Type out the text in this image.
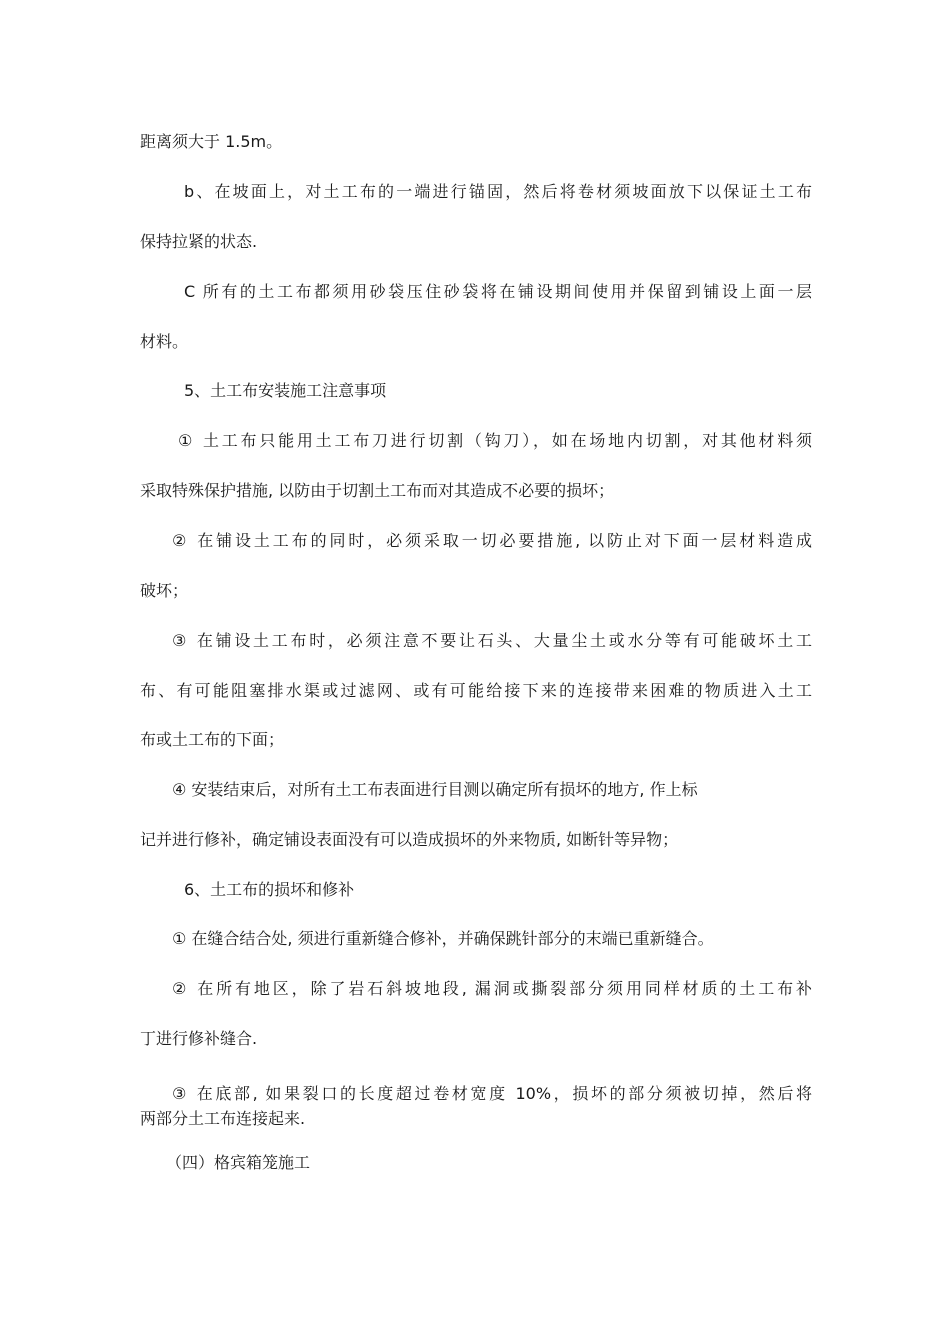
距离须大于 1.5m。
b、在坡面上，对土工布的一端进行锚固，然后将卷材须坡面放下以保证土工布
保持拉紧的状态.
C 所有的土工布都须用砂袋压住砂袋将在铺设期间使用并保留到铺设上面一层
材料。
5、土工布安装施工注意事项
① 土工布只能用土工布刀进行切割（钩刀），如在场地内切割，对其他材料须
采取特殊保护措施, 以防由于切割土工布而对其造成不必要的损坏；
② 在铺设土工布的同时，必须采取一切必要措施, 以防止对下面一层材料造成
破坏；
③ 在铺设土工布时，必须注意不要让石头、大量尘土或水分等有可能破坏土工
布、有可能阻塞排水渠或过滤网、或有可能给接下来的连接带来困难的物质进入土工
布或土工布的下面；
④ 安装结束后，对所有土工布表面进行目测以确定所有损坏的地方, 作上标
记并进行修补，确定铺设表面没有可以造成损坏的外来物质, 如断针等异物；
6、土工布的损坏和修补
① 在缝合结合处, 须进行重新缝合修补，并确保跳针部分的末端已重新缝合。
② 在所有地区，除了岩石斜坡地段, 漏洞或撕裂部分须用同样材质的土工布补
丁进行修补缝合.
③ 在底部, 如果裂口的长度超过卷材宽度 10%，损坏的部分须被切掉，然后将
两部分土工布连接起来.
（四）格宾箱笼施工
